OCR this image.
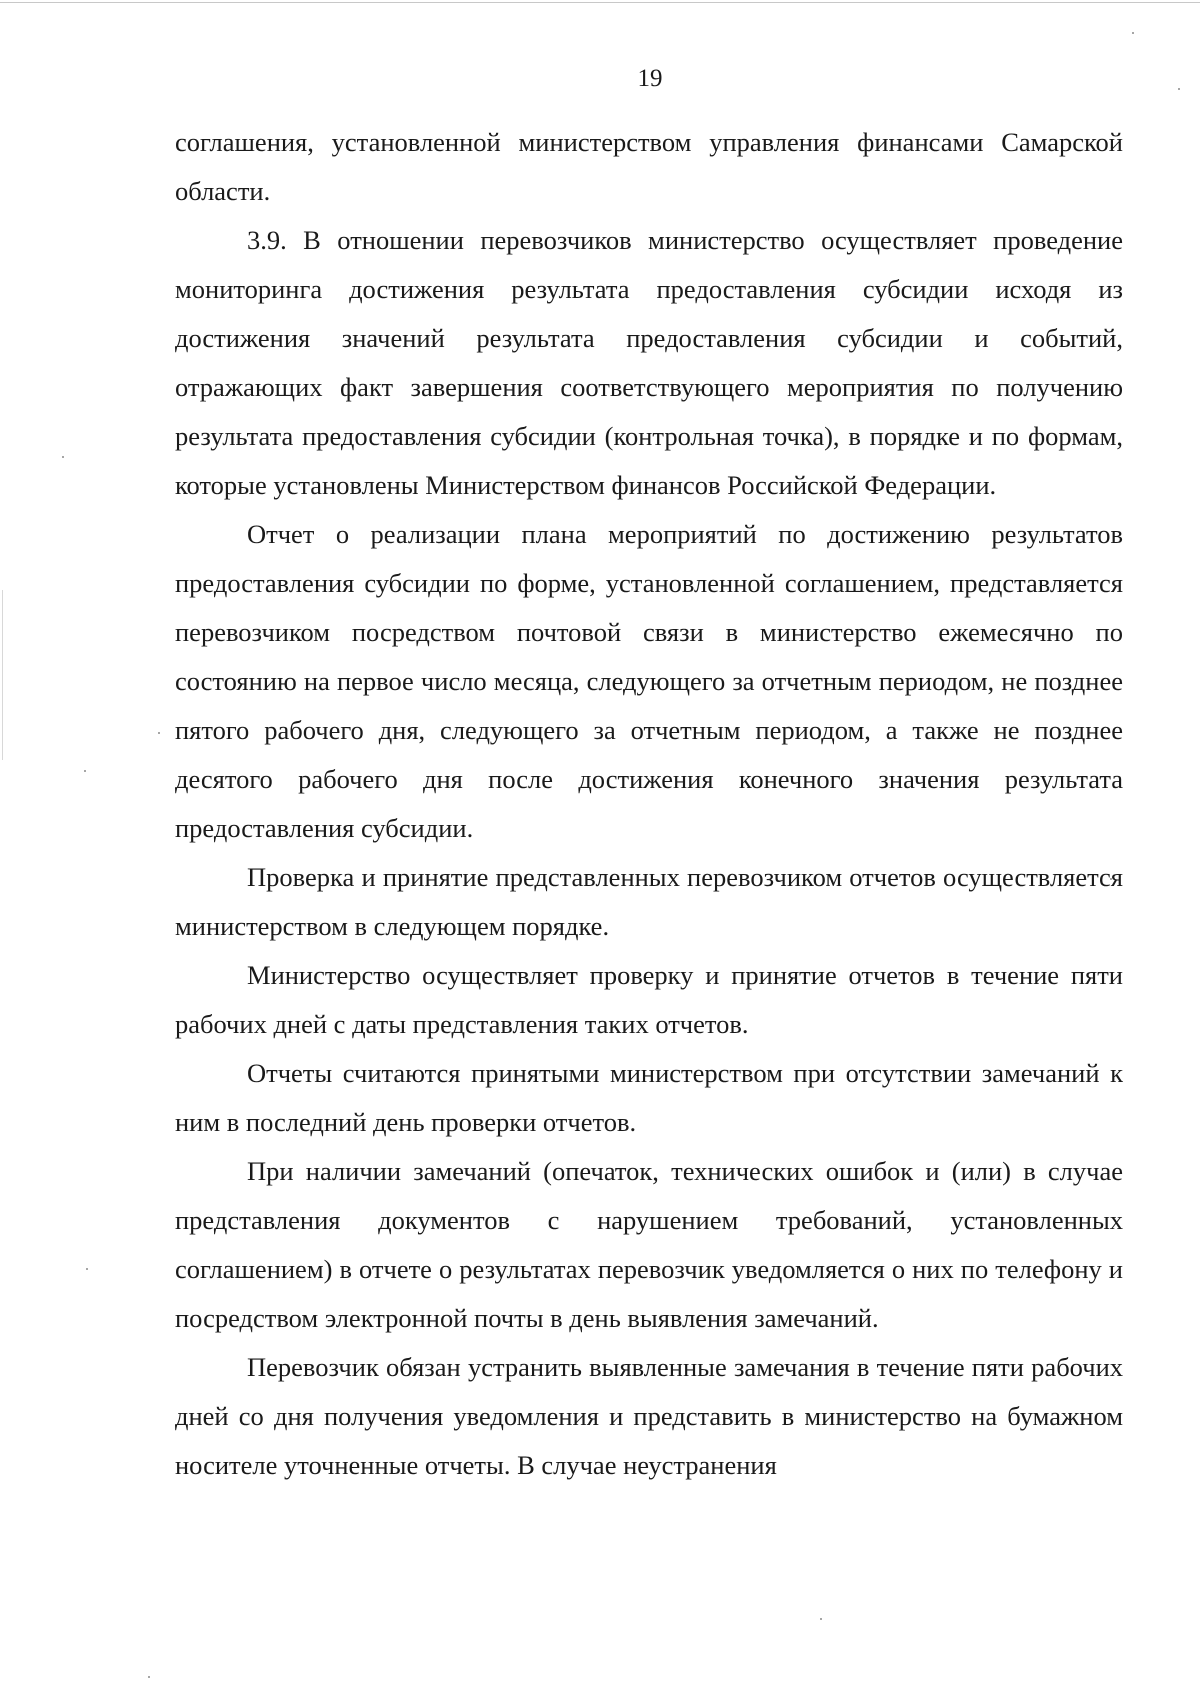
19

соглашения, установленной министерством управления финансами Самарской области.

3.9. В отношении перевозчиков министерство осуществляет проведение мониторинга достижения результата предоставления субсидии исходя из достижения значений результата предоставления субсидии и событий, отражающих факт завершения соответствующего мероприятия по получению результата предоставления субсидии (контрольная точка), в порядке и по формам, которые установлены Министерством финансов Российской Федерации.

Отчет о реализации плана мероприятий по достижению результатов предоставления субсидии по форме, установленной соглашением, представляется перевозчиком посредством почтовой связи в министерство ежемесячно по состоянию на первое число месяца, следующего за отчетным периодом, не позднее пятого рабочего дня, следующего за отчетным периодом, а также не позднее десятого рабочего дня после достижения конечного значения результата предоставления субсидии.

Проверка и принятие представленных перевозчиком отчетов осуществляется министерством в следующем порядке.

Министерство осуществляет проверку и принятие отчетов в течение пяти рабочих дней с даты представления таких отчетов.

Отчеты считаются принятыми министерством при отсутствии замечаний к ним в последний день проверки отчетов.

При наличии замечаний (опечаток, технических ошибок и (или) в случае представления документов с нарушением требований, установленных соглашением) в отчете о результатах перевозчик уведомляется о них по телефону и посредством электронной почты в день выявления замечаний.

Перевозчик обязан устранить выявленные замечания в течение пяти рабочих дней со дня получения уведомления и представить в министерство на бумажном носителе уточненные отчеты. В случае неустранения
